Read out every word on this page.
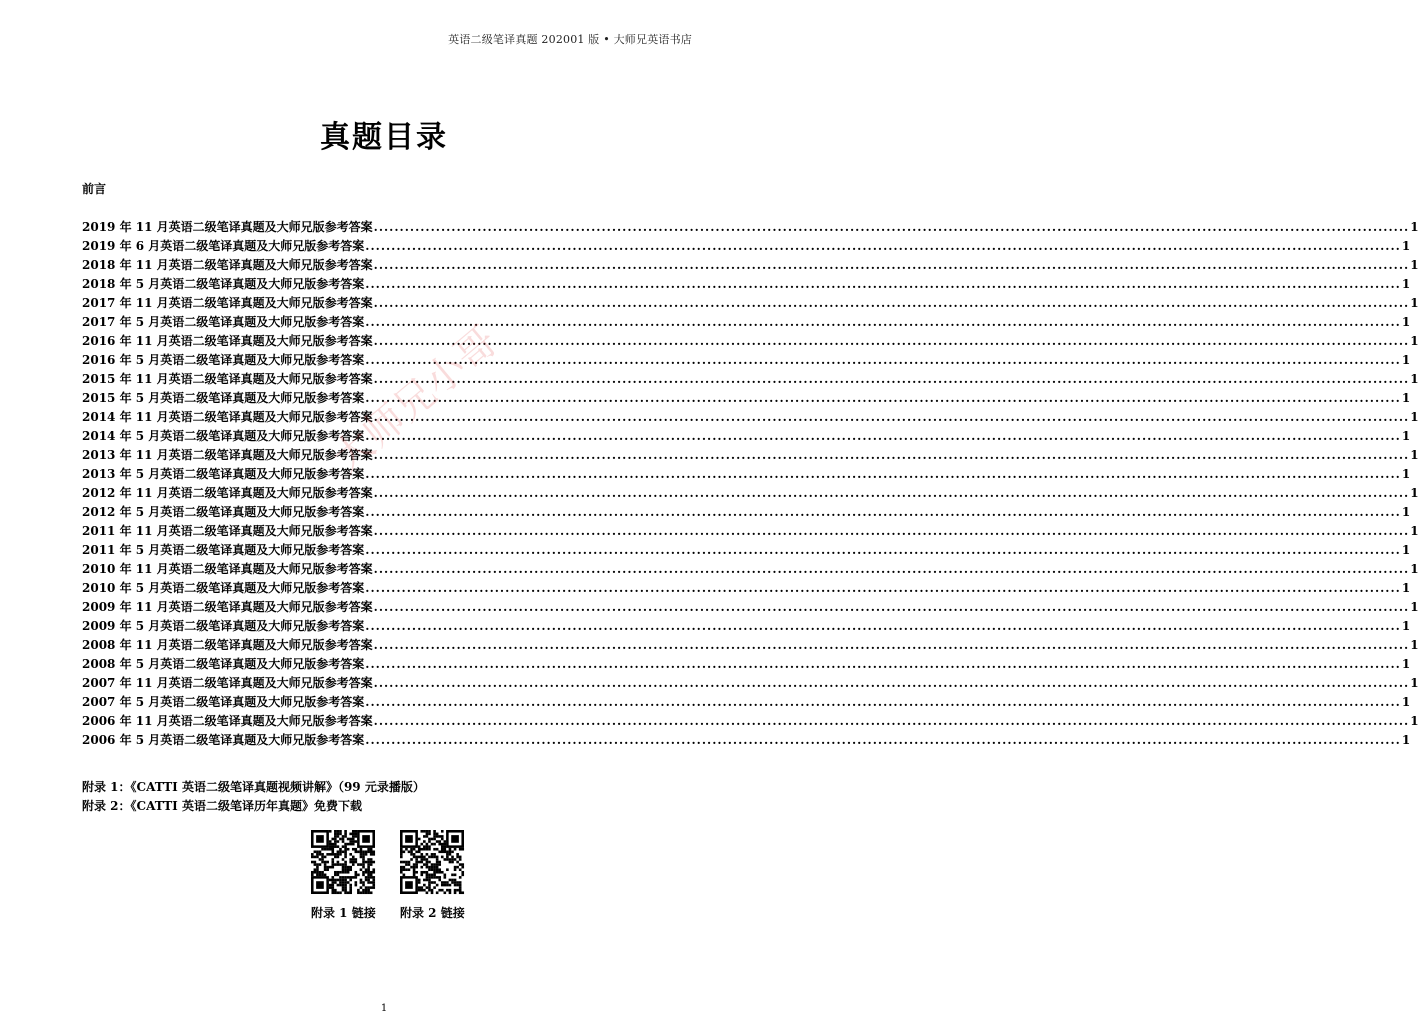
英语二级笔译真题 202001 版 • 大师兄英语书店
真题目录
前言
2019 年 11 月英语二级笔译真题及大师兄版参考答案 ........................................................................................................................................................................................................ 1
2019 年 6 月英语二级笔译真题及大师兄版参考答案 ........................................................................................................................................................................................................ 1
2018 年 11 月英语二级笔译真题及大师兄版参考答案 ........................................................................................................................................................................................................ 1
2018 年 5 月英语二级笔译真题及大师兄版参考答案 ........................................................................................................................................................................................................ 1
2017 年 11 月英语二级笔译真题及大师兄版参考答案 ........................................................................................................................................................................................................ 1
2017 年 5 月英语二级笔译真题及大师兄版参考答案 ........................................................................................................................................................................................................ 1
2016 年 11 月英语二级笔译真题及大师兄版参考答案 ........................................................................................................................................................................................................ 1
2016 年 5 月英语二级笔译真题及大师兄版参考答案 ........................................................................................................................................................................................................ 1
2015 年 11 月英语二级笔译真题及大师兄版参考答案 ........................................................................................................................................................................................................ 1
2015 年 5 月英语二级笔译真题及大师兄版参考答案 ........................................................................................................................................................................................................ 1
2014 年 11 月英语二级笔译真题及大师兄版参考答案 ........................................................................................................................................................................................................ 1
2014 年 5 月英语二级笔译真题及大师兄版参考答案 ........................................................................................................................................................................................................ 1
2013 年 11 月英语二级笔译真题及大师兄版参考答案 ........................................................................................................................................................................................................ 1
2013 年 5 月英语二级笔译真题及大师兄版参考答案 ........................................................................................................................................................................................................ 1
2012 年 11 月英语二级笔译真题及大师兄版参考答案 ........................................................................................................................................................................................................ 1
2012 年 5 月英语二级笔译真题及大师兄版参考答案 ........................................................................................................................................................................................................ 1
2011 年 11 月英语二级笔译真题及大师兄版参考答案 ........................................................................................................................................................................................................ 1
2011 年 5 月英语二级笔译真题及大师兄版参考答案 ........................................................................................................................................................................................................ 1
2010 年 11 月英语二级笔译真题及大师兄版参考答案 ........................................................................................................................................................................................................ 1
2010 年 5 月英语二级笔译真题及大师兄版参考答案 ........................................................................................................................................................................................................ 1
2009 年 11 月英语二级笔译真题及大师兄版参考答案 ........................................................................................................................................................................................................ 1
2009 年 5 月英语二级笔译真题及大师兄版参考答案 ........................................................................................................................................................................................................ 1
2008 年 11 月英语二级笔译真题及大师兄版参考答案 ........................................................................................................................................................................................................ 1
2008 年 5 月英语二级笔译真题及大师兄版参考答案 ........................................................................................................................................................................................................ 1
2007 年 11 月英语二级笔译真题及大师兄版参考答案 ........................................................................................................................................................................................................ 1
2007 年 5 月英语二级笔译真题及大师兄版参考答案 ........................................................................................................................................................................................................ 1
2006 年 11 月英语二级笔译真题及大师兄版参考答案 ........................................................................................................................................................................................................ 1
2006 年 5 月英语二级笔译真题及大师兄版参考答案 ........................................................................................................................................................................................................ 1
附录 1：《CATTI 英语二级笔译真题视频讲解》（99 元录播版）
附录 2：《CATTI 英语二级笔译历年真题》免费下载
附录 1 链接 附录 2 链接
大师兄小哥
1
